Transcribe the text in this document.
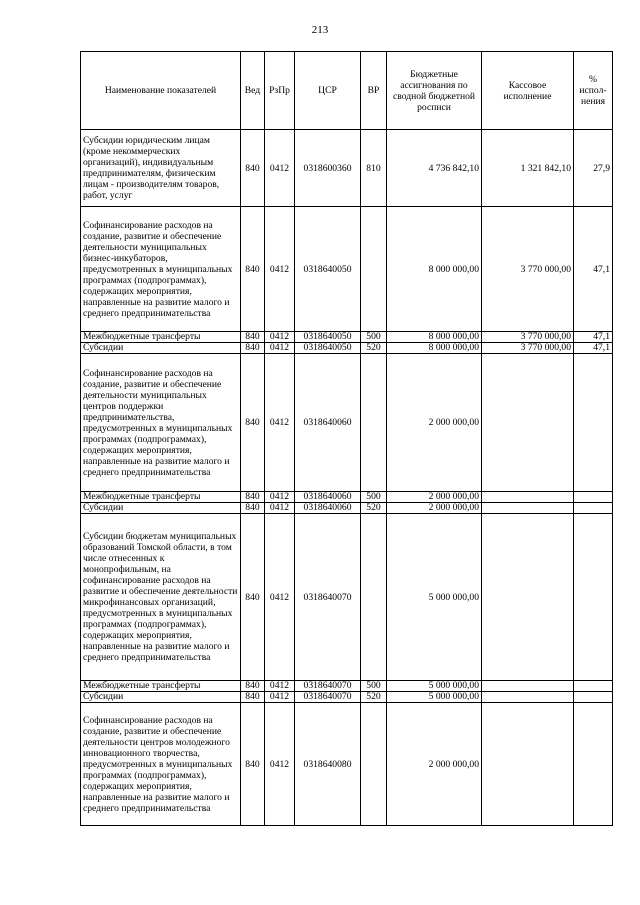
213
Наименование показателей	Вед	РзПр	ЦСР	ВР	Бюджетные ассигнования по сводной бюджетной росписи	Кассовое исполнение	% испол-нения
Субсидии юридическим лицам (кроме некоммерческих организаций), индивидуальным предпринимателям, физическим лицам - производителям товаров, работ, услуг	840	0412	0318600360	810	4 736 842,10	1 321 842,10	27,9
Софинансирование расходов на создание, развитие и обеспечение деятельности муниципальных бизнес-инкубаторов, предусмотренных в муниципальных программах (подпрограммах), содержащих мероприятия, направленные на развитие малого и среднего предпринимательства	840	0412	0318640050		8 000 000,00	3 770 000,00	47,1
Межбюджетные трансферты	840	0412	0318640050	500	8 000 000,00	3 770 000,00	47,1
Субсидии	840	0412	0318640050	520	8 000 000,00	3 770 000,00	47,1
Софинансирование расходов на создание, развитие и обеспечение деятельности муниципальных центров поддержки предпринимательства, предусмотренных в муниципальных программах (подпрограммах), содержащих мероприятия, направленные на развитие малого и среднего предпринимательства	840	0412	0318640060		2 000 000,00		
Межбюджетные трансферты	840	0412	0318640060	500	2 000 000,00		
Субсидии	840	0412	0318640060	520	2 000 000,00		
Субсидии бюджетам муниципальных образований Томской области, в том числе отнесенных к монопрофильным, на софинансирование расходов на развитие и обеспечение деятельности микрофинансовых организаций, предусмотренных в муниципальных программах (подпрограммах), содержащих мероприятия, направленные на развитие малого и среднего предпринимательства	840	0412	0318640070		5 000 000,00		
Межбюджетные трансферты	840	0412	0318640070	500	5 000 000,00		
Субсидии	840	0412	0318640070	520	5 000 000,00		
Софинансирование расходов на создание, развитие и обеспечение деятельности центров молодежного инновационного творчества, предусмотренных в муниципальных программах (подпрограммах), содержащих мероприятия, направленные на развитие малого и среднего предпринимательства	840	0412	0318640080		2 000 000,00		
